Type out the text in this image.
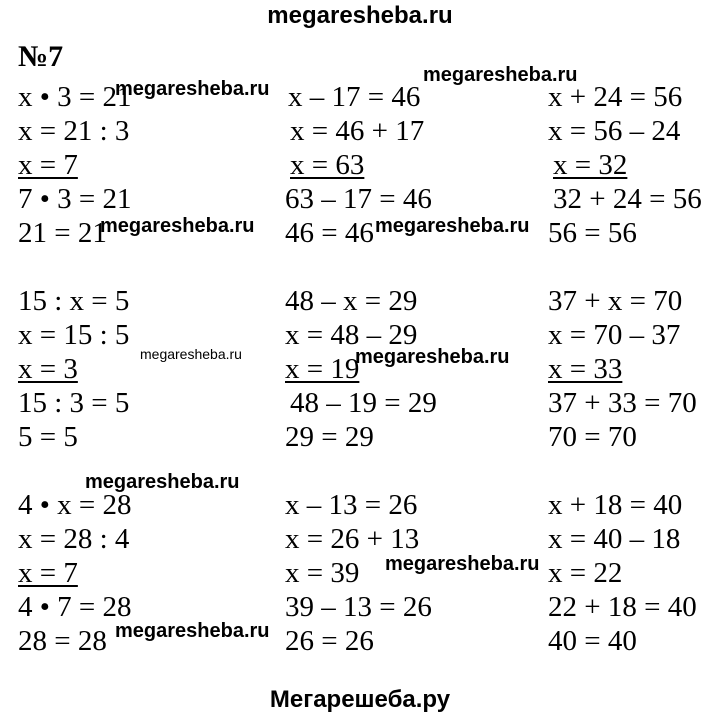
megaresheba.ru
№7
x • 3 = 21
x = 21 : 3
x = 7
7 • 3 = 21
21 = 21
x – 17 = 46
x = 46 + 17
x = 63
63 – 17 = 46
46 = 46
x + 24 = 56
x = 56 – 24
x = 32
32 + 24 = 56
56 = 56
15 : x = 5
x = 15 : 5
x = 3
15 : 3 = 5
5 = 5
48 – x = 29
x = 48 – 29
x = 19
48 – 19 = 29
29 = 29
37 + x = 70
x = 70 – 37
x = 33
37 + 33 = 70
70 = 70
4 • x = 28
x = 28 : 4
x = 7
4 • 7 = 28
28 = 28
x – 13 = 26
x = 26 + 13
x = 39
39 – 13 = 26
26 = 26
x + 18 = 40
x = 40 – 18
x = 22
22 + 18 = 40
40 = 40
megaresheba.ru
megaresheba.ru
megaresheba.ru	megaresheba.ru
megaresheba.ru	megaresheba.ru
megaresheba.ru
megaresheba.ru
megaresheba.ru
Мегарешеба.ру
